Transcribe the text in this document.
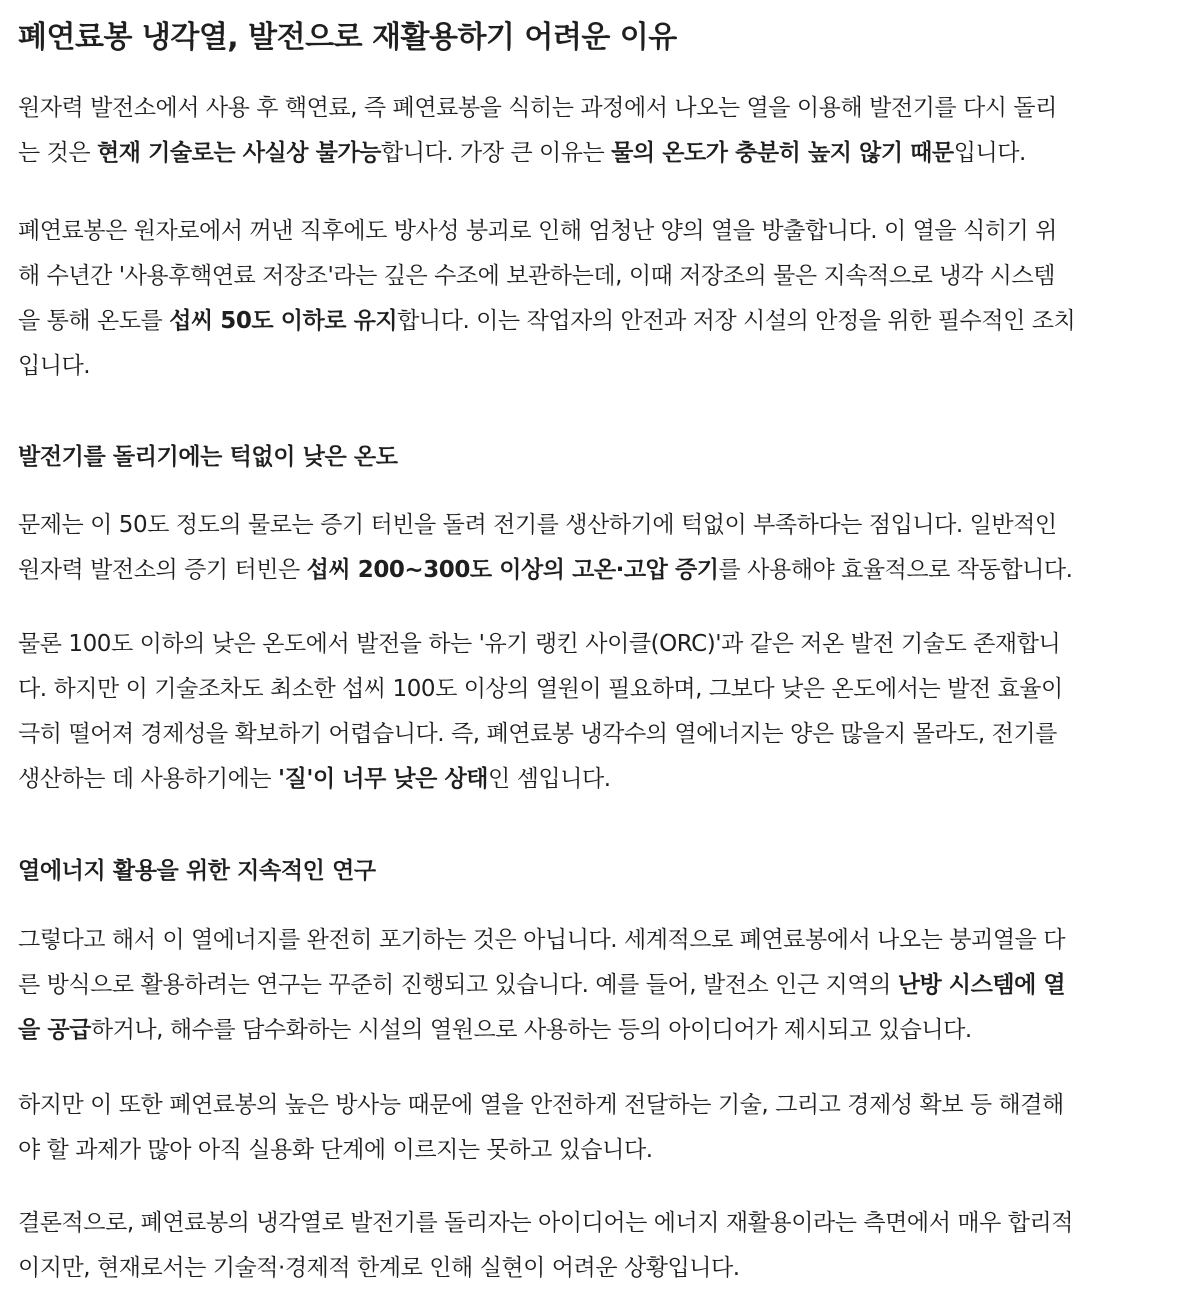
폐연료봉 냉각열, 발전으로 재활용하기 어려운 이유
원자력 발전소에서 사용 후 핵연료, 즉 폐연료봉을 식히는 과정에서 나오는 열을 이용해 발전기를 다시 돌리
는 것은 현재 기술로는 사실상 불가능합니다. 가장 큰 이유는 물의 온도가 충분히 높지 않기 때문입니다.
폐연료봉은 원자로에서 꺼낸 직후에도 방사성 붕괴로 인해 엄청난 양의 열을 방출합니다. 이 열을 식히기 위
해 수년간 '사용후핵연료 저장조'라는 깊은 수조에 보관하는데, 이때 저장조의 물은 지속적으로 냉각 시스템
을 통해 온도를 섭씨 50도 이하로 유지합니다. 이는 작업자의 안전과 저장 시설의 안정을 위한 필수적인 조치
입니다.
발전기를 돌리기에는 턱없이 낮은 온도
문제는 이 50도 정도의 물로는 증기 터빈을 돌려 전기를 생산하기에 턱없이 부족하다는 점입니다. 일반적인
원자력 발전소의 증기 터빈은 섭씨 200~300도 이상의 고온·고압 증기를 사용해야 효율적으로 작동합니다.
물론 100도 이하의 낮은 온도에서 발전을 하는 '유기 랭킨 사이클(ORC)'과 같은 저온 발전 기술도 존재합니
다. 하지만 이 기술조차도 최소한 섭씨 100도 이상의 열원이 필요하며, 그보다 낮은 온도에서는 발전 효율이
극히 떨어져 경제성을 확보하기 어렵습니다. 즉, 폐연료봉 냉각수의 열에너지는 양은 많을지 몰라도, 전기를
생산하는 데 사용하기에는 '질'이 너무 낮은 상태인 셈입니다.
열에너지 활용을 위한 지속적인 연구
그렇다고 해서 이 열에너지를 완전히 포기하는 것은 아닙니다. 세계적으로 폐연료봉에서 나오는 붕괴열을 다
른 방식으로 활용하려는 연구는 꾸준히 진행되고 있습니다. 예를 들어, 발전소 인근 지역의 난방 시스템에 열
을 공급하거나, 해수를 담수화하는 시설의 열원으로 사용하는 등의 아이디어가 제시되고 있습니다.
하지만 이 또한 폐연료봉의 높은 방사능 때문에 열을 안전하게 전달하는 기술, 그리고 경제성 확보 등 해결해
야 할 과제가 많아 아직 실용화 단계에 이르지는 못하고 있습니다.
결론적으로, 폐연료봉의 냉각열로 발전기를 돌리자는 아이디어는 에너지 재활용이라는 측면에서 매우 합리적
이지만, 현재로서는 기술적·경제적 한계로 인해 실현이 어려운 상황입니다.
